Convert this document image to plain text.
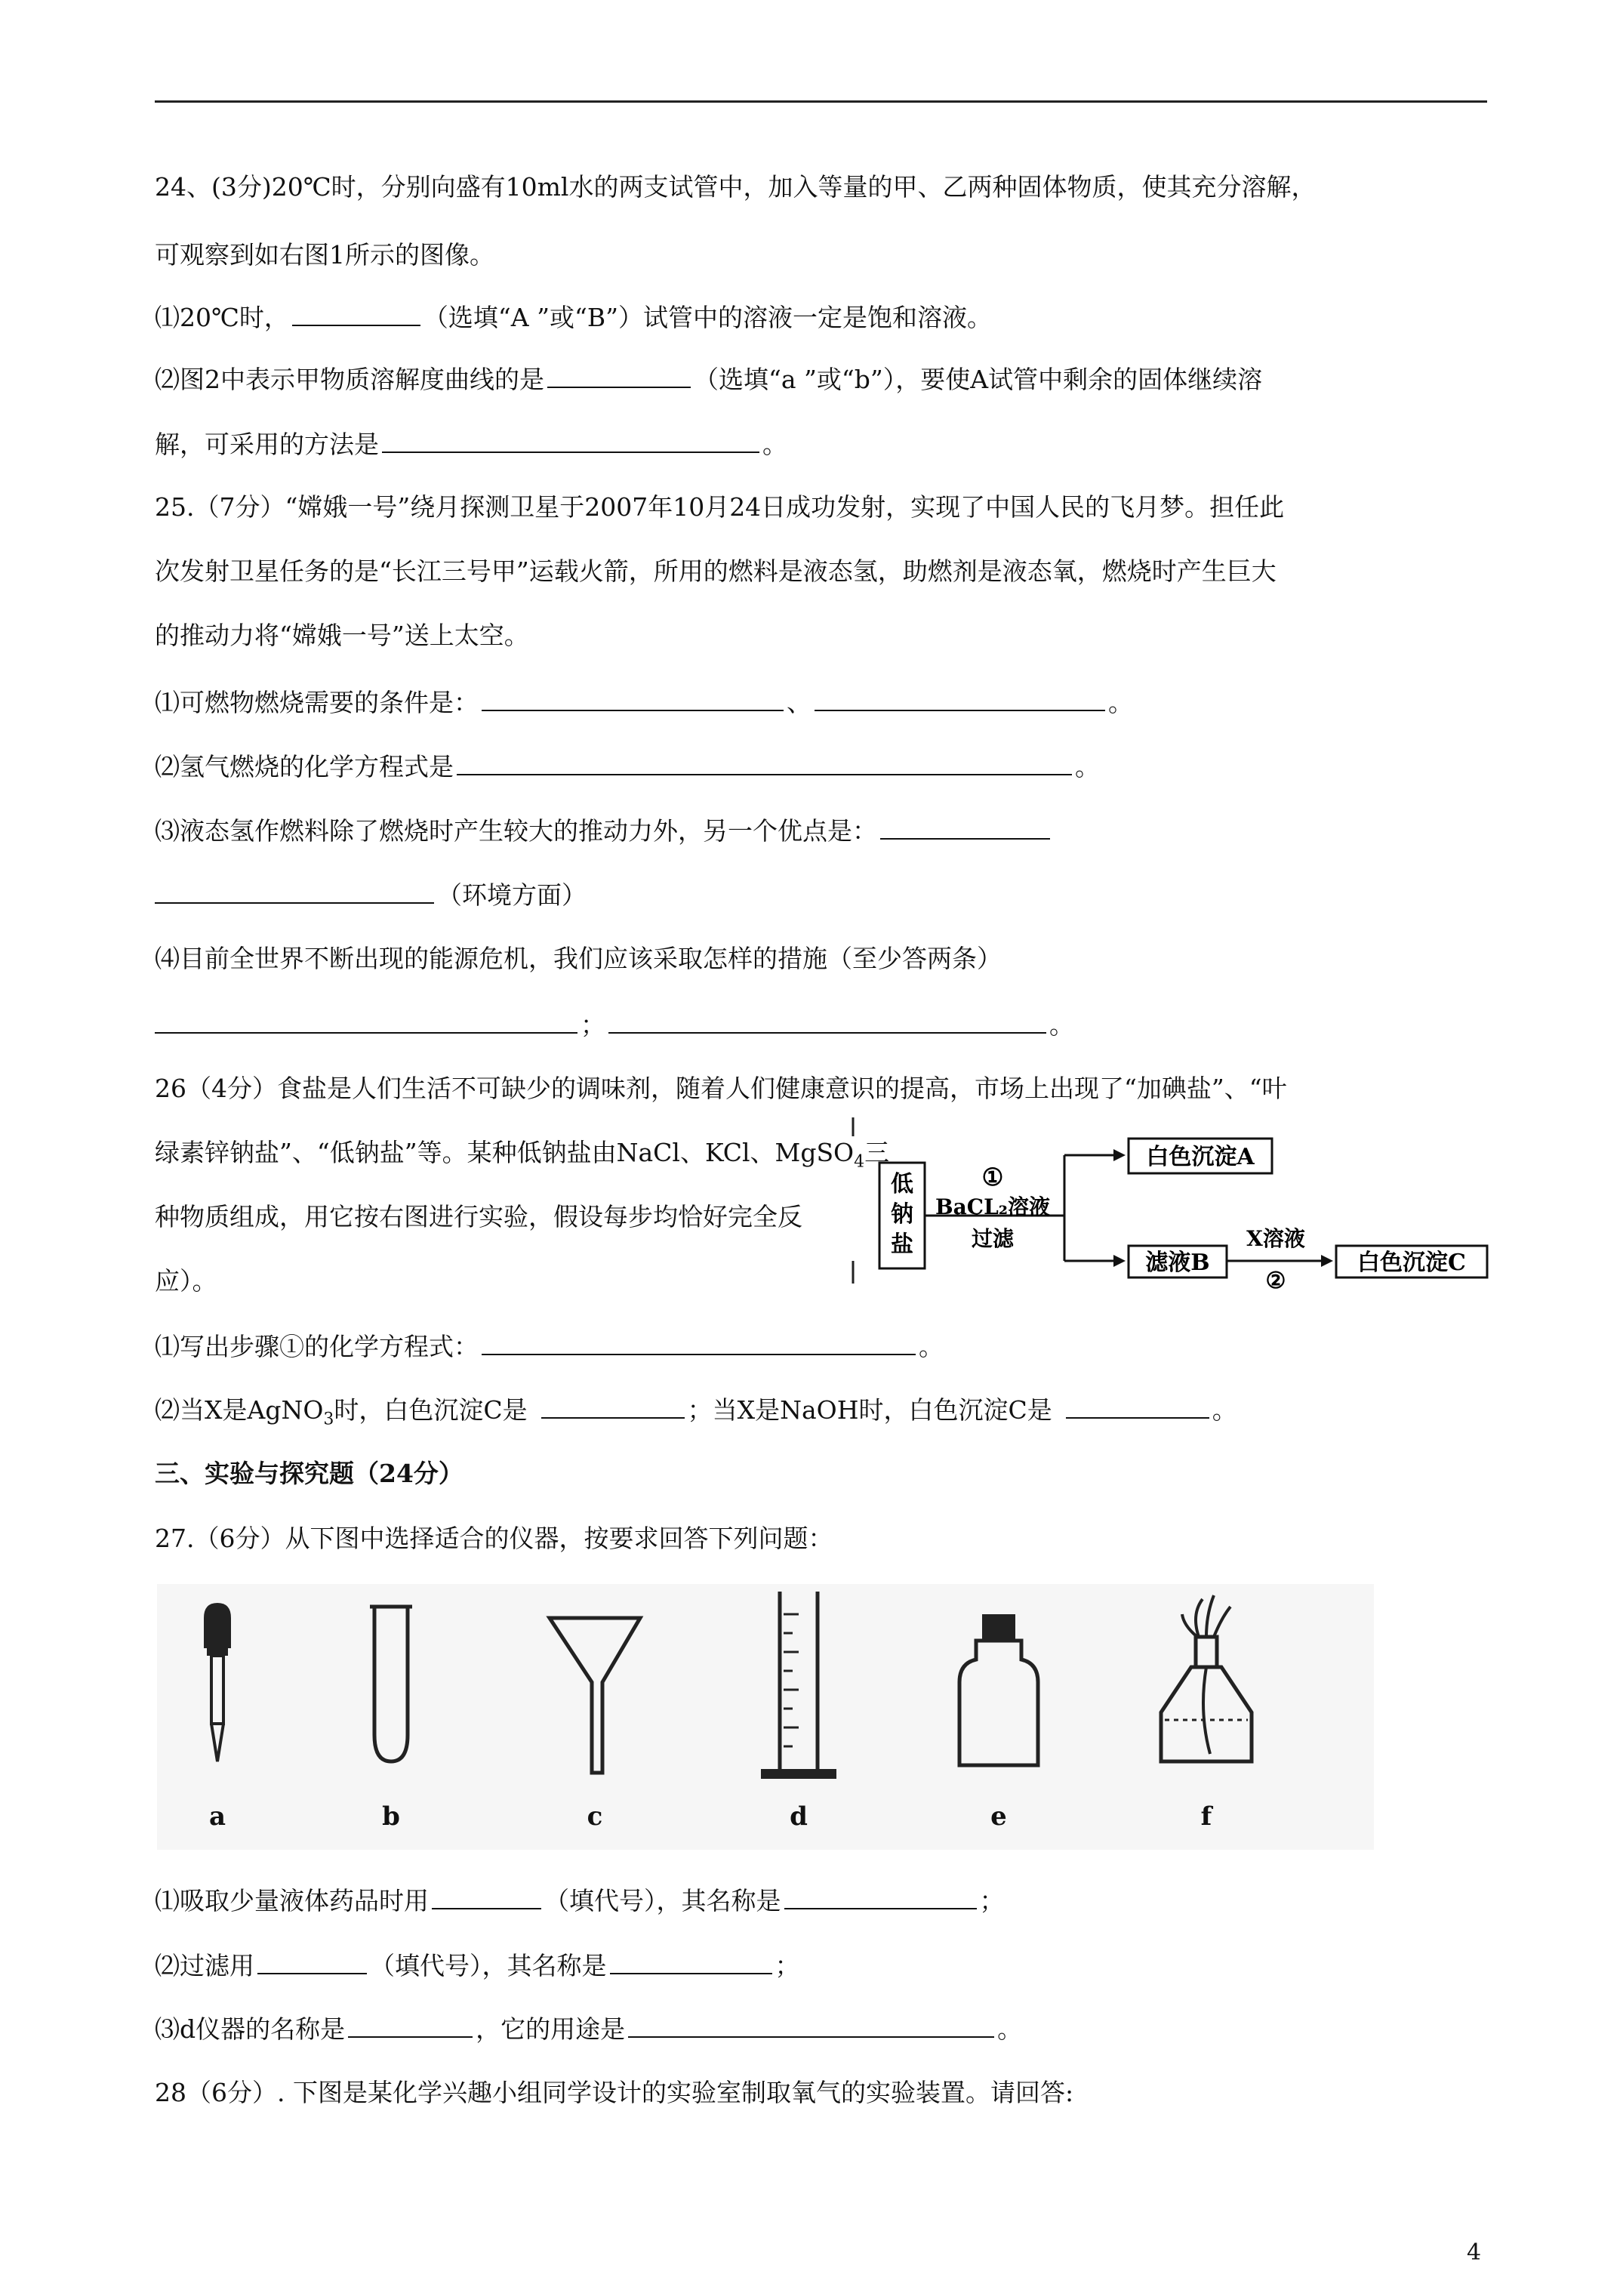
24、(3分)20℃时，分别向盛有10ml水的两支试管中，加入等量的甲、乙两种固体物质，使其充分溶解，
可观察到如右图1所示的图像。
⑴20℃时，	（选填“A ”或“B”）试管中的溶液一定是饱和溶液。
⑵图2中表示甲物质溶解度曲线的是	（选填“a ”或“b”），要使A试管中剩余的固体继续溶
解，可采用的方法是	。
25.（7分）“嫦娥一号”绕月探测卫星于2007年10月24日成功发射，实现了中国人民的飞月梦。担任此
次发射卫星任务的是“长江三号甲”运载火箭，所用的燃料是液态氢，助燃剂是液态氧，燃烧时产生巨大
的推动力将“嫦娥一号”送上太空。
⑴可燃物燃烧需要的条件是：	、	。
⑵氢气燃烧的化学方程式是	。
⑶液态氢作燃料除了燃烧时产生较大的推动力外，另一个优点是：
（环境方面）
⑷目前全世界不断出现的能源危机，我们应该采取怎样的措施（至少答两条）
；	。
26（4分）食盐是人们生活不可缺少的调味剂，随着人们健康意识的提高，市场上出现了“加碘盐”、“叶
绿素锌钠盐”、“低钠盐”等。某种低钠盐由NaCl、KCl、MgSO$_4$三
种物质组成，用它按右图进行实验，假设每步均恰好完全反
应）。
低
钠
盐
①
BaCL₂溶液
过滤
白色沉淀A
滤液B
X溶液
②
白色沉淀C
⑴写出步骤①的化学方程式：	。
⑵当X是AgNO$_3$时，白色沉淀C是	；当X是NaOH时，白色沉淀C是	。
三、实验与探究题（24分）
27.（6分）从下图中选择适合的仪器，按要求回答下列问题：
a	b	c	d	e	f
⑴吸取少量液体药品时用	（填代号），其名称是	；
⑵过滤用	（填代号），其名称是	；
⑶d仪器的名称是	，它的用途是	。
28（6分）. 下图是某化学兴趣小组同学设计的实验室制取氧气的实验装置。请回答:
4
